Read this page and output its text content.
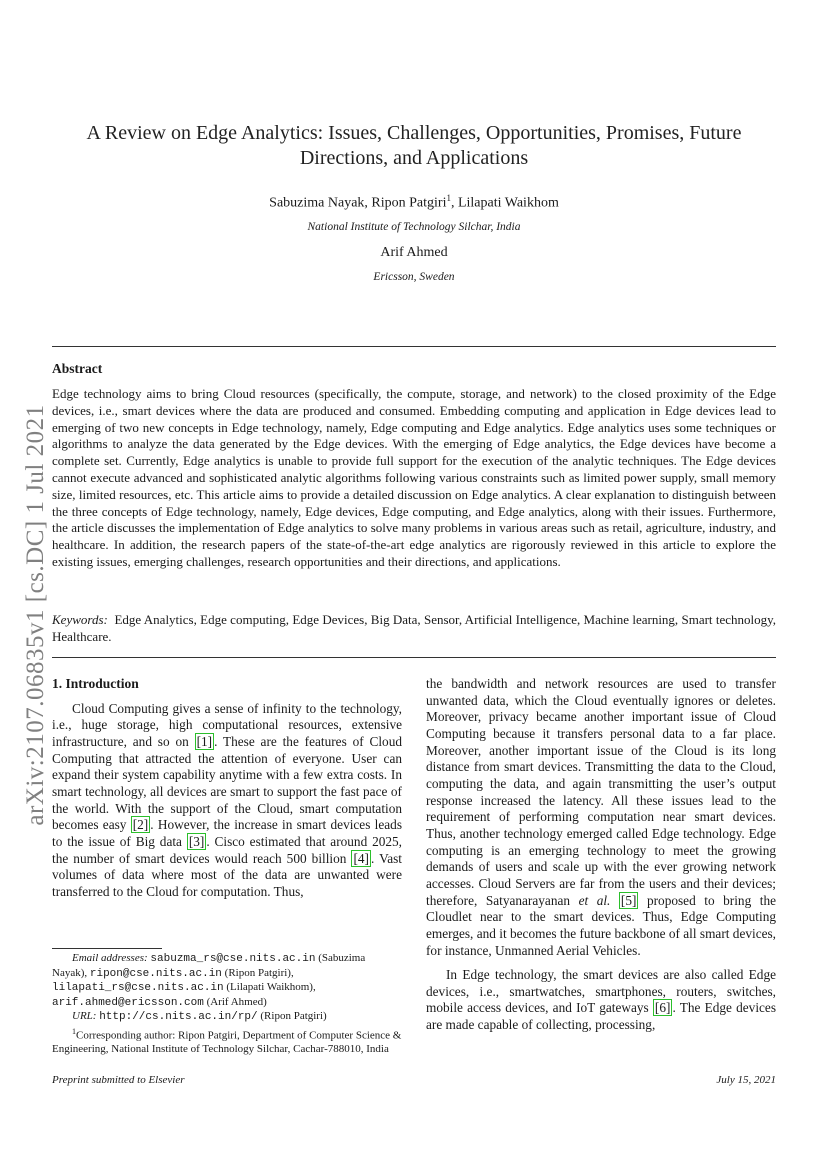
arXiv:2107.06835v1 [cs.DC] 1 Jul 2021
A Review on Edge Analytics: Issues, Challenges, Opportunities, Promises, Future
Directions, and Applications
Sabuzima Nayak, Ripon Patgiri$^1$, Lilapati Waikhom
National Institute of Technology Silchar, India
Arif Ahmed
Ericsson, Sweden
Abstract
Edge technology aims to bring Cloud resources (specifically, the compute, storage, and network) to the closed proximity of the Edge devices, i.e., smart devices where the data are produced and consumed. Embedding computing and application in Edge devices lead to emerging of two new concepts in Edge technology, namely, Edge computing and Edge analytics. Edge analytics uses some techniques or algorithms to analyze the data generated by the Edge devices. With the emerging of Edge analytics, the Edge devices have become a complete set. Currently, Edge analytics is unable to provide full support for the execution of the analytic techniques. The Edge devices cannot execute advanced and sophisticated analytic algorithms following various constraints such as limited power supply, small memory size, limited resources, etc. This article aims to provide a detailed discussion on Edge analytics. A clear explanation to distinguish between the three concepts of Edge technology, namely, Edge devices, Edge computing, and Edge analytics, along with their issues. Furthermore, the article discusses the implementation of Edge analytics to solve many problems in various areas such as retail, agriculture, industry, and healthcare. In addition, the research papers of the state-of-the-art edge analytics are rigorously reviewed in this article to explore the existing issues, emerging challenges, research opportunities and their directions, and applications.
Keywords: Edge Analytics, Edge computing, Edge Devices, Big Data, Sensor, Artificial Intelligence, Machine learning, Smart technology, Healthcare.
1. Introduction

Cloud Computing gives a sense of infinity to the technology, i.e., huge storage, high computational resources, extensive infrastructure, and so on [1] . These are the features of Cloud Computing that attracted the attention of everyone. User can expand their system capability anytime with a few extra costs. In smart technology, all devices are smart to support the fast pace of the world. With the support of the Cloud, smart computation becomes easy [2] . However, the increase in smart devices leads to the issue of Big data [3] . Cisco estimated that around 2025, the number of smart devices would reach 500 billion [4] . Vast volumes of data where most of the data are unwanted were transferred to the Cloud for computation. Thus,

Email addresses: sabuzma_rs@cse.nits.ac.in (Sabuzima Nayak), ripon@cse.nits.ac.in (Ripon Patgiri), lilapati_rs@cse.nits.ac.in (Lilapati Waikhom), arif.ahmed@ericsson.com (Arif Ahmed)

URL: http://cs.nits.ac.in/rp/ (Ripon Patgiri)

$^1$Corresponding author: Ripon Patgiri, Department of Computer Science & Engineering, National Institute of Technology Silchar, Cachar-788010, India

the bandwidth and network resources are used to transfer unwanted data, which the Cloud eventually ignores or deletes. Moreover, privacy became another important issue of Cloud Computing because it transfers personal data to a far place. Moreover, another important issue of the Cloud is its long distance from smart devices. Transmitting the data to the Cloud, computing the data, and again transmitting the user’s output response increased the latency. All these issues lead to the requirement of performing computation near smart devices. Thus, another technology emerged called Edge technology. Edge computing is an emerging technology to meet the growing demands of users and scale up with the ever growing network accesses. Cloud Servers are far from the users and their devices; therefore, Satyanarayanan et al. [5] proposed to bring the Cloudlet near to the smart devices. Thus, Edge Computing emerges, and it becomes the future backbone of all smart devices, for instance, Unmanned Aerial Vehicles.

In Edge technology, the smart devices are also called Edge devices, i.e., smartwatches, smartphones, routers, switches, mobile access devices, and IoT gateways [6] . The Edge devices are made capable of collecting, processing,

Preprint submitted to Elsevier	July 15, 2021
